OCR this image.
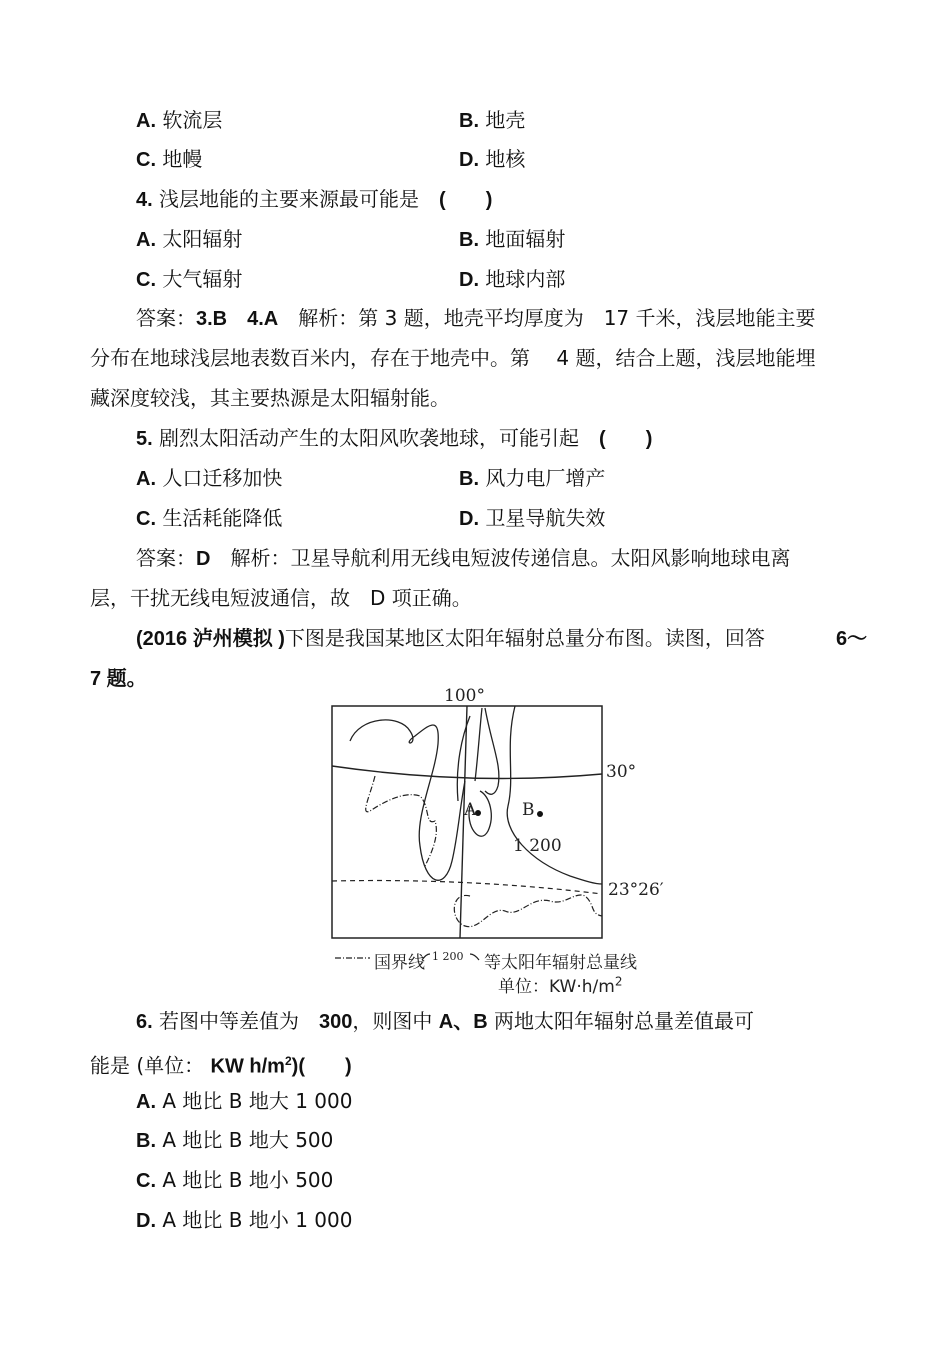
A. 软流层	B. 地壳
C. 地幔	D. 地核
4. 浅层地能的主要来源最可能是　 (　　)
A. 太阳辐射	B. 地面辐射
C. 大气辐射	D. 地球内部
答案：3.B　4.A　 解析：第 3 题，地壳平均厚度为　17 千米，浅层地能主要
分布在地球浅层地表数百米内，存在于地壳中。第　 4 题，结合上题，浅层地能埋
藏深度较浅，其主要热源是太阳辐射能。
5. 剧烈太阳活动产生的太阳风吹袭地球，可能引起　 (　　)
A. 人口迁移加快	B. 风力电厂增产
C. 生活耗能降低	D. 卫星导航失效
答案：D　 解析：卫星导航利用无线电短波传递信息。太阳风影响地球电离
层，干扰无线电短波通信，故　D 项正确。
(2016 泸州模拟 )下图是我国某地区太阳年辐射总量分布图。读图，回答	6～
7 题。
100°
30°
23°26′
A	B
1 200
国界线 1 200 等太阳年辐射总量线
单位：$KW\cdot h/m^2$
6. 若图中等差值为　 300，则图中 A、B 两地太阳年辐射总量差值最可
能是 (单位： KW $h/m^2$)(　　)
A. A 地比 B 地大 1 000
B. A 地比 B 地大 500
C. A 地比 B 地小 500
D. A 地比 B 地小 1 000
